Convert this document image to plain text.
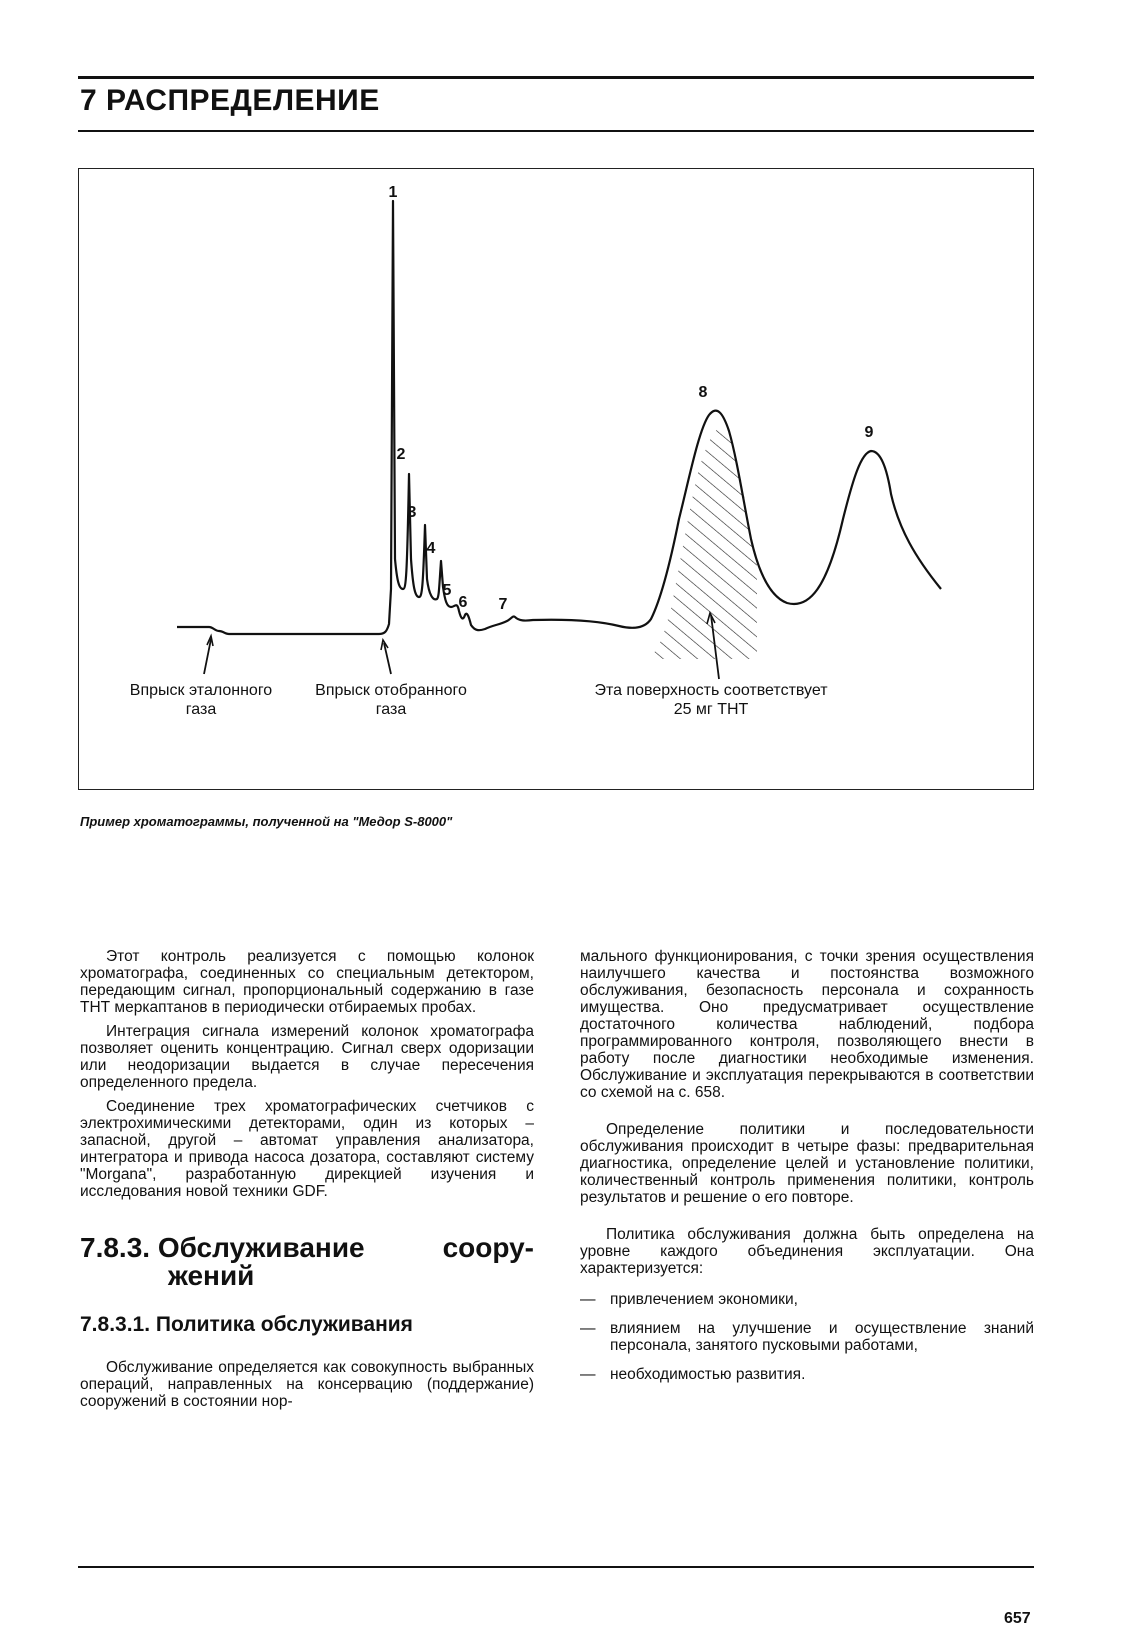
7 РАСПРЕДЕЛЕНИЕ
1
2
3
4
5
6 7
8
9
Впрыск эталонного
газа
Впрыск отобранного
газа
Эта поверхность соответствует
25 мг ТНТ
Пример хроматограммы, полученной на "Медор S-8000"

Этот контроль реализуется с помощью колонок хроматографа, соединенных со специальным детектором, передающим сигнал, пропорциональный содержанию в газе ТНТ меркаптанов в периодически отбираемых пробах.

Интеграция сигнала измерений колонок хроматографа позволяет оценить концентрацию. Сигнал сверх одоризации или неодоризации выдается в случае пересечения определенного предела.

Соединение трех хроматографических счетчиков с электрохимическими детекторами, один из которых – запасной, другой – автомат управления анализатора, интегратора и привода насоса дозатора, составляют систему "Morgana", разработанную дирекцией изучения и исследования новой техники GDF.

7.8.3. Обслуживание	соору-
жений
7.8.3.1. Политика обслуживания

Обслуживание определяется как совокупность выбранных операций, направленных на консервацию (поддержание) сооружений в состоянии нор-

мального функционирования, с точки зрения осуществления наилучшего качества и постоянства возможного обслуживания, безопасность персонала и сохранность имущества. Оно предусматривает осуществление достаточного количества наблюдений, подбора программированного контроля, позволяющего внести в работу после диагностики необходимые изменения. Обслуживание и эксплуатация перекрываются в соответствии со схемой на с. 658.

Определение политики и последовательности обслуживания происходит в четыре фазы: предварительная диагностика, определение целей и установление политики, количественный контроль применения политики, контроль результатов и решение о его повторе.

Политика обслуживания должна быть определена на уровне каждого объединения эксплуатации. Она характеризуется:

— привлечением экономики,
— влиянием на улучшение и осуществление знаний персонала, занятого пусковыми работами,
— необходимостью развития.
657
